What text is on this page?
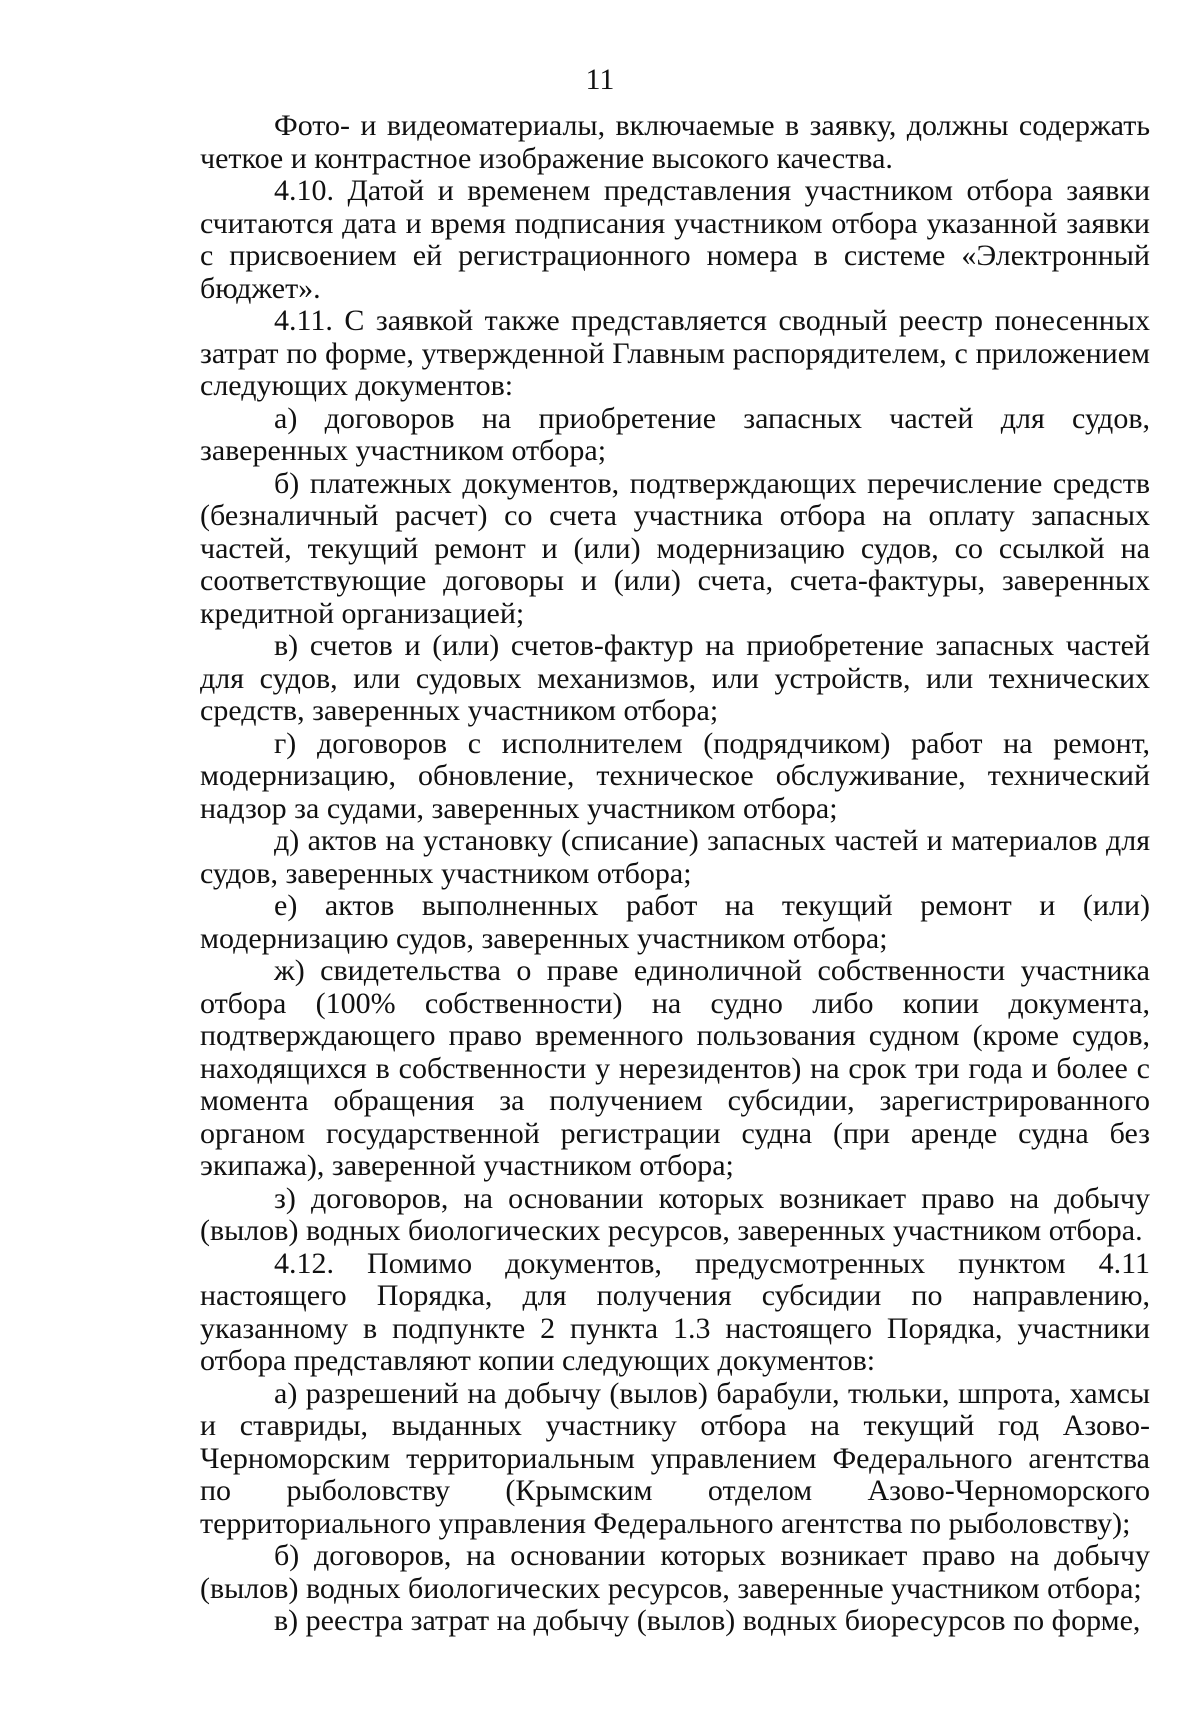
11

Фото- и видеоматериалы, включаемые в заявку, должны содержать четкое и контрастное изображение высокого качества.

4.10. Датой и временем представления участником отбора заявки считаются дата и время подписания участником отбора указанной заявки с присвоением ей регистрационного номера в системе «Электронный бюджет».

4.11. С заявкой также представляется сводный реестр понесенных затрат по форме, утвержденной Главным распорядителем, с приложением следующих документов:

а) договоров на приобретение запасных частей для судов, заверенных участником отбора;

б) платежных документов, подтверждающих перечисление средств (безналичный расчет) со счета участника отбора на оплату запасных частей, текущий ремонт и (или) модернизацию судов, со ссылкой на соответствующие договоры и (или) счета, счета-фактуры, заверенных кредитной организацией;

в) счетов и (или) счетов-фактур на приобретение запасных частей для судов, или судовых механизмов, или устройств, или технических средств, заверенных участником отбора;

г) договоров с исполнителем (подрядчиком) работ на ремонт, модернизацию, обновление, техническое обслуживание, технический надзор за судами, заверенных участником отбора;

д) актов на установку (списание) запасных частей и материалов для судов, заверенных участником отбора;

е) актов выполненных работ на текущий ремонт и (или) модернизацию судов, заверенных участником отбора;

ж) свидетельства о праве единоличной собственности участника отбора (100% собственности) на судно либо копии документа, подтверждающего право временного пользования судном (кроме судов, находящихся в собственности у нерезидентов) на срок три года и более с момента обращения за получением субсидии, зарегистрированного органом государственной регистрации судна (при аренде судна без экипажа), заверенной участником отбора;

з) договоров, на основании которых возникает право на добычу (вылов) водных биологических ресурсов, заверенных участником отбора.

4.12. Помимо документов, предусмотренных пунктом 4.11 настоящего Порядка, для получения субсидии по направлению, указанному в подпункте 2 пункта 1.3 настоящего Порядка, участники отбора представляют копии следующих документов:

а) разрешений на добычу (вылов) барабули, тюльки, шпрота, хамсы и ставриды, выданных участнику отбора на текущий год Азово-Черноморским территориальным управлением Федерального агентства по рыболовству (Крымским отделом Азово-Черноморского территориального управления Федерального агентства по рыболовству);

б) договоров, на основании которых возникает право на добычу (вылов) водных биологических ресурсов, заверенные участником отбора;

в) реестра затрат на добычу (вылов) водных биоресурсов по форме,
